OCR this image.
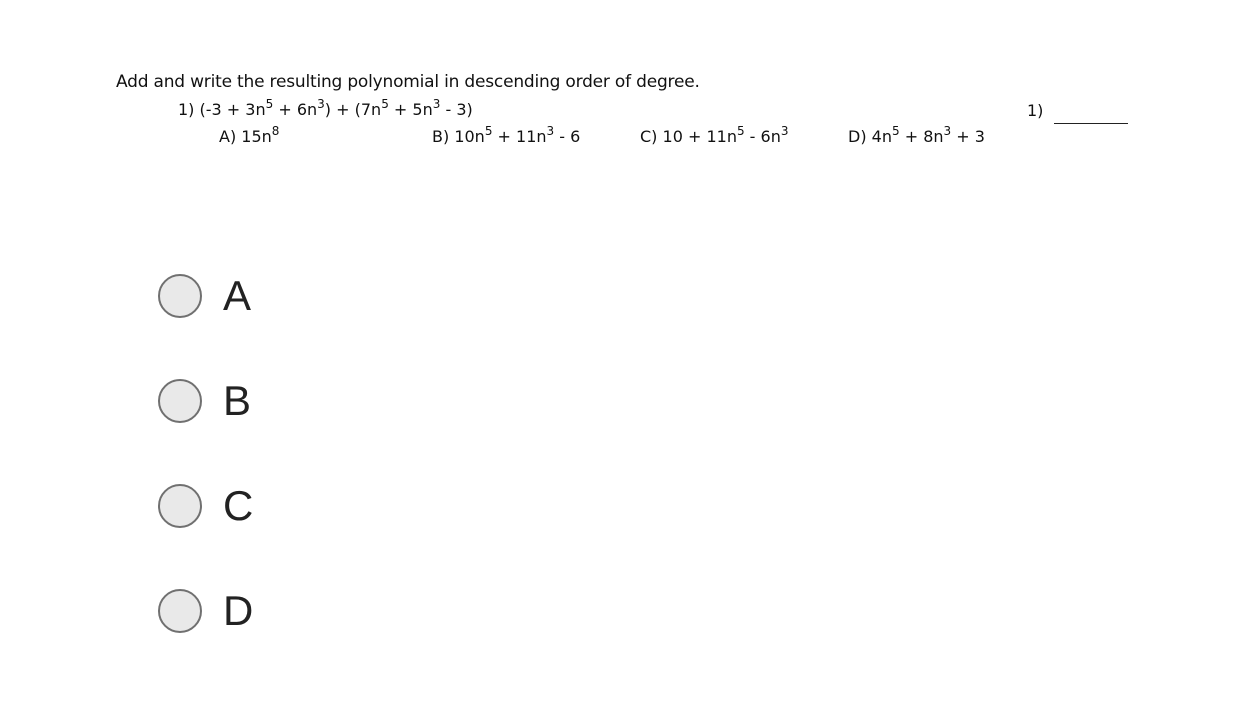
Add and write the resulting polynomial in descending order of degree.
1) $(-3 + 3n^5 + 6n^3) + (7n^5 + 5n^3 - 3)$	1)
A) $15n^8$	B) $10n^5 + 11n^3 - 6$	C) $10 + 11n^5 - 6n^3$	D) $4n^5 + 8n^3 + 3$
A
B
C
D
